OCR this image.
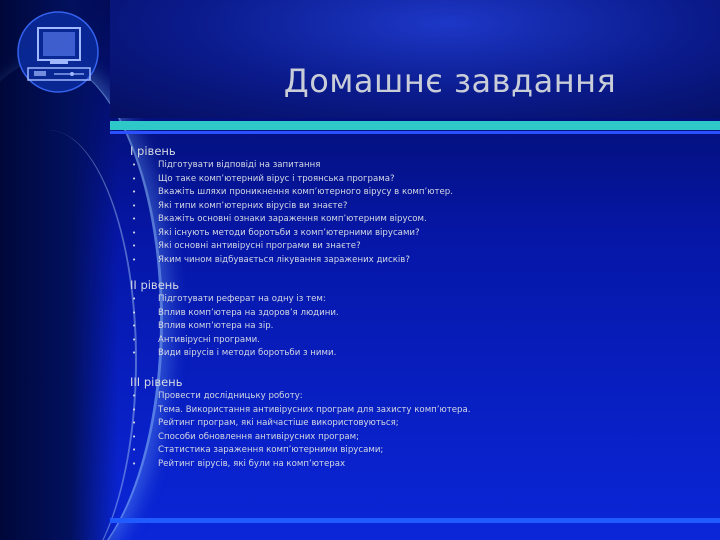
Домашнє завдання
І рівень
•	Підготувати відповіді на запитання
•	Що таке комп’ютерний вірус і троянська програма?
•	Вкажіть шляхи проникнення комп’ютерного вірусу в комп’ютер.
•	Які типи комп’ютерних вірусів ви знаєте?
•	Вкажіть основні ознаки зараження комп’ютерним вірусом.
•	Які існують методи боротьби з комп’ютерними вірусами?
•	Які основні антивірусні програми ви знаєте?
•	Яким чином відбувається лікування заражених дисків?
ІІ рівень
•	Підготувати реферат на одну із тем:
•	Вплив комп’ютера на здоров’я людини.
•	Вплив комп’ютера на зір.
•	Антивірусні програми.
•	Види вірусів і методи боротьби з ними.
ІІІ рівень
•	Провести дослідницьку роботу:
•	Тема. Використання антивірусних програм для захисту комп’ютера.
•	Рейтинг програм, які найчастіше використовуються;
•	Способи обновлення антивірусних програм;
•	Статистика зараження комп’ютерними вірусами;
•	Рейтинг вірусів, які були на комп’ютерах
